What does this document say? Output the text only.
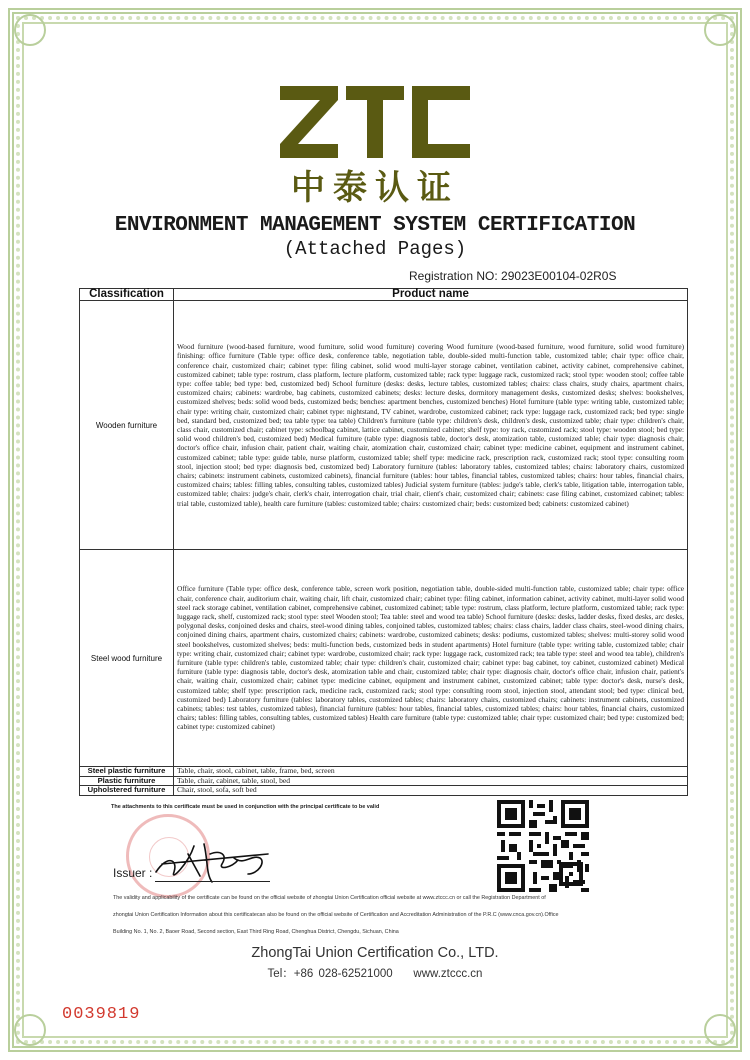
中泰认证
ENVIRONMENT MANAGEMENT SYSTEM CERTIFICATION
(Attached Pages)
Registration NO: 29023E00104-02R0S
Classification	Product name
Wooden furniture	Wood furniture (wood-based furniture, wood furniture, solid wood furniture) covering Wood furniture (wood-based furniture, wood furniture, solid wood furniture) finishing: office furniture (Table type: office desk, conference table, negotiation table, double-sided multi-function table, customized table; chair type: office chair, conference chair, customized chair; cabinet type: filing cabinet, solid wood multi-layer storage cabinet, ventilation cabinet, activity cabinet, comprehensive cabinet, customized cabinet; table type: rostrum, class platform, lecture platform, customized table; rack type: luggage rack, customized rack; stool type: wooden stool; coffee table type: coffee table; bed type: bed, customized bed) School furniture (desks: desks, lecture tables, customized tables; chairs: class chairs, study chairs, apartment chairs, customized chairs; cabinets: wardrobe, bag cabinets, customized cabinets; desks: lecture desks, dormitory management desks, customized desks; shelves: bookshelves, customized shelves; beds: solid wood beds, customized beds; benches: apartment benches, customized benches) Hotel furniture (table type: writing table, customized table; chair type: writing chair, customized chair; cabinet type: nightstand, TV cabinet, wardrobe, customized cabinet; rack type: luggage rack, customized rack; bed type: single bed, standard bed, customized bed; tea table type: tea table) Children's furniture (table type: children's desk, children's desk, customized table; chair type: children's chair, class chair, customized chair; cabinet type: schoolbag cabinet, lattice cabinet, customized cabinet; shelf type: toy rack, customized rack; stool type: wooden stool; bed type: solid wood children's bed, customized bed) Medical furniture (table type: diagnosis table, doctor's desk, atomization table, customized table; chair type: diagnosis chair, doctor's office chair, infusion chair, patient chair, waiting chair, atomization chair, customized chair; cabinet type: medicine cabinet, equipment and instrument cabinet, customized cabinet; table type: guide table, nurse platform, customized table; shelf type: medicine rack, prescription rack, customized rack; stool type: consulting room stool, injection stool; bed type: diagnosis bed, customized bed) Laboratory furniture (tables: laboratory tables, customized tables; chairs: laboratory chairs, customized chairs; cabinets: instrument cabinets, customized cabinets), financial furniture (tables: hour tables, financial tables, customized tables; chairs: hour tables, financial chairs, customized chairs; tables: filling tables, consulting tables, customized tables) Judicial system furniture (tables: judge's table, clerk's table, litigation table, interrogation table, customized table; chairs: judge's chair, clerk's chair, interrogation chair, trial chair, client's chair, customized chair; cabinets: case filing cabinet, customized cabinet; tables: trial table, customized table), health care furniture (tables: customized table; chairs: customized chair; beds: customized bed; cabinets: customized cabinet)
Steel wood furniture	Office furniture (Table type: office desk, conference table, screen work position, negotiation table, double-sided multi-function table, customized table; chair type: office chair, conference chair, auditorium chair, waiting chair, lift chair, customized chair; cabinet type: filing cabinet, information cabinet, activity cabinet, multi-layer solid wood steel rack storage cabinet, ventilation cabinet, comprehensive cabinet, customized cabinet; table type: rostrum, class platform, lecture platform, customized table; rack type: luggage rack, shelf, customized rack; stool type: steel Wooden stool; Tea table: steel and wood tea table) School furniture (desks: desks, ladder desks, fixed desks, arc desks, polygonal desks, conjoined desks and chairs, steel-wood dining tables, conjoined tables, customized tables; chairs: class chairs, ladder class chairs, steel-wood dining chairs, conjoined dining chairs, apartment chairs, customized chairs; cabinets: wardrobe, customized cabinets; desks: podiums, customized tables; shelves: multi-storey solid wood steel bookshelves, customized shelves; beds: multi-function beds, customized beds in student apartments) Hotel furniture (table type: writing table, customized table; chair type: writing chair, customized chair; cabinet type: wardrobe, customized chair; rack type: luggage rack, customized rack; tea table type: steel and wood tea table), children's furniture (table type: children's table, customized table; chair type: children's chair, customized chair; cabinet type: bag cabinet, toy cabinet, customized cabinet) Medical furniture (table type: diagnosis table, doctor's desk, atomization table and chair, customized table; chair type: diagnosis chair, doctor's office chair, infusion chair, patient's chair, waiting chair, customized chair; cabinet type: medicine cabinet, equipment and instrument cabinet, customized cabinet; table type: doctor's desk, nurse's desk, customized table; shelf type: prescription rack, medicine rack, customized rack; stool type: consulting room stool, injection stool, attendant stool; bed type: clinical bed, customized bed) Laboratory furniture (tables: laboratory tables, customized tables; chairs: laboratory chairs, customized chairs; cabinets: instrument cabinets, customized cabinets; tables: test tables, customized tables), financial furniture (tables: hour tables, financial tables, customized tables; chairs: hour tables, financial chairs, customized chairs; tables: filling tables, consulting tables, customized tables) Health care furniture (table type: customized table; chair type: customized chair; bed type: customized bed; cabinet type: customized cabinet)
Steel plastic furniture	Table, chair, stool, cabinet, table, frame, bed, screen
Plastic furniture	Table, chair, cabinet, table, stool, bed
Upholstered furniture	Chair, stool, sofa, soft bed
The attachments to this certificate must be used in conjunction with the principal certificate to be valid
Issuer :
The validity and applicability of the certificate can be found on the official website of zhongtai Union Certification official website at www.ztccc.cn or call the Registration Department of
zhongtai Union Certification Information about this certificatecan also be found on the official website of Certification and Accreditation Administration of the P.R.C (www.cnca.gov.cn).Office
Building No. 1, No. 2, Baoer Road, Second section, East Third Ring Road, Chenghua District, Chengdu, Sichuan, China
ZhongTai Union Certification Co., LTD.
Tel：+86 028-62521000 www.ztccc.cn
0039819
